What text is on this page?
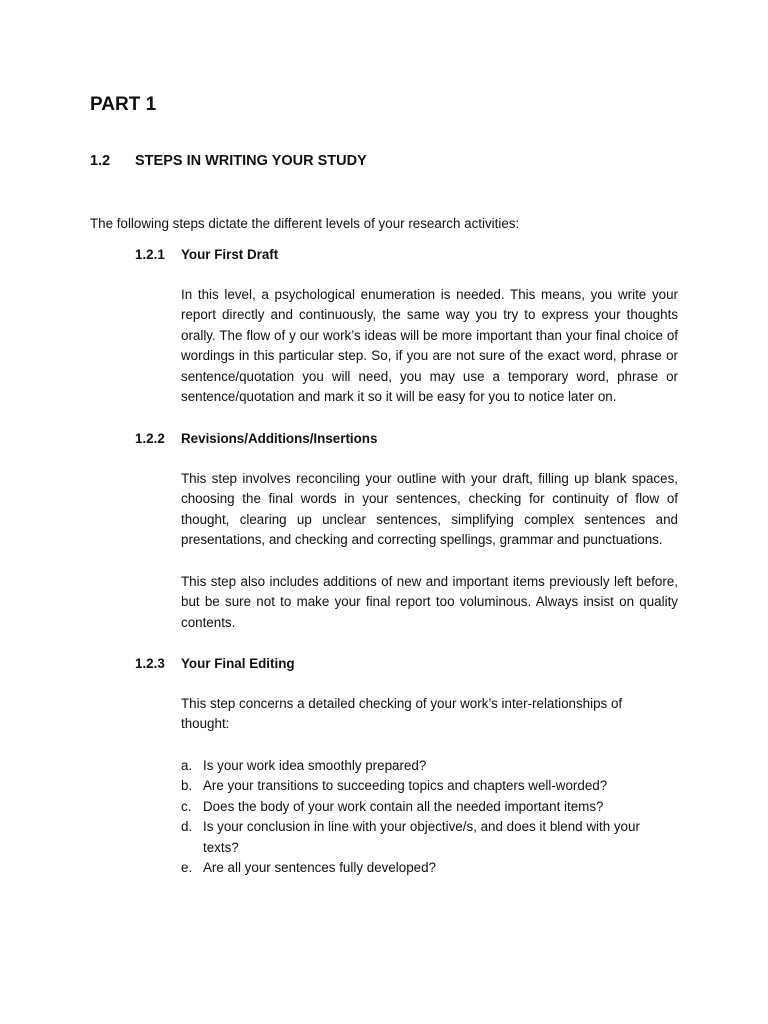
PART 1
1.2 STEPS IN WRITING YOUR STUDY

The following steps dictate the different levels of your research activities:

1.2.1 Your First Draft

In this level, a psychological enumeration is needed. This means, you write your report directly and continuously, the same way you try to express your thoughts orally. The flow of y our work’s ideas will be more important than your final choice of wordings in this particular step. So, if you are not sure of the exact word, phrase or sentence/quotation you will need, you may use a temporary word, phrase or sentence/quotation and mark it so it will be easy for you to notice later on.

1.2.2 Revisions/Additions/Insertions

This step involves reconciling your outline with your draft, filling up blank spaces, choosing the final words in your sentences, checking for continuity of flow of thought, clearing up unclear sentences, simplifying complex sentences and presentations, and checking and correcting spellings, grammar and punctuations.

This step also includes additions of new and important items previously left before, but be sure not to make your final report too voluminous. Always insist on quality contents.

1.2.3 Your Final Editing

This step concerns a detailed checking of your work’s inter-relationships of thought:

a. Is your work idea smoothly prepared?
b. Are your transitions to succeeding topics and chapters well-worded?
c. Does the body of your work contain all the needed important items?
d. Is your conclusion in line with your objective/s, and does it blend with your texts?
e. Are all your sentences fully developed?
